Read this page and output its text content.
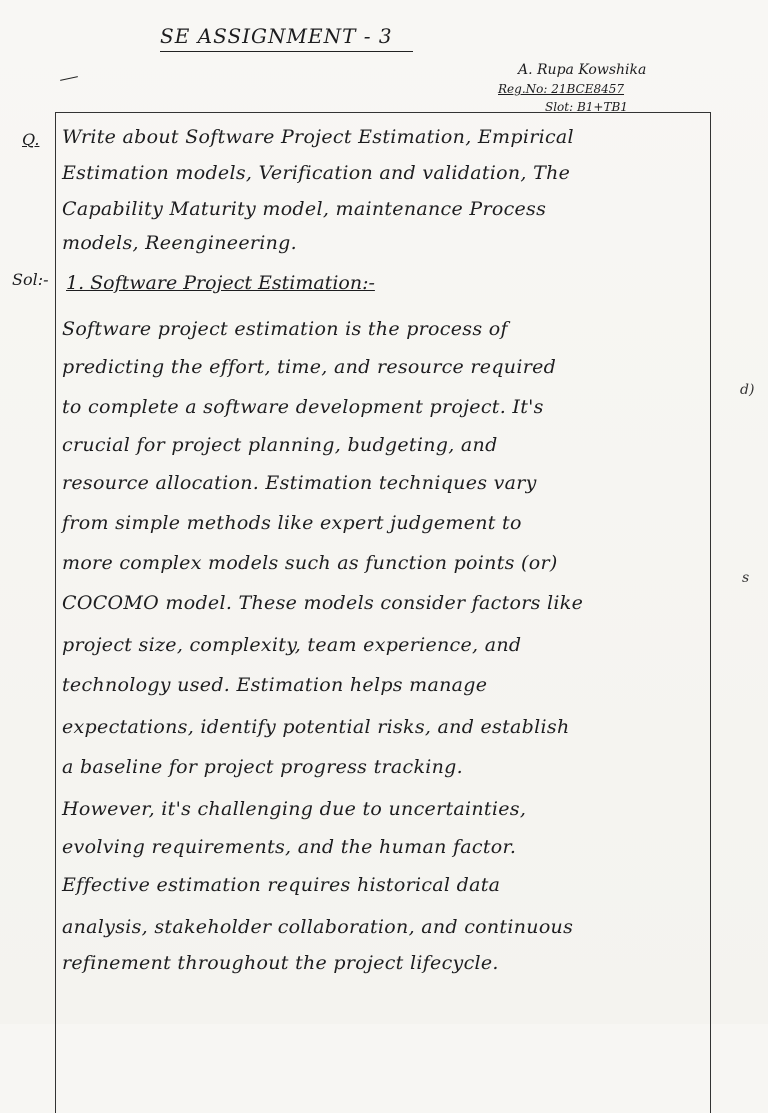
SE ASSIGNMENT - 3
A. Rupa Kowshika
Reg.No: 21BCE8457
Slot: B1+TB1
Q. Write about Software Project Estimation, Empirical
Estimation models, Verification and validation, The
Capability Maturity model, maintenance Process
models, Reengineering.
Sol:- 1. Software Project Estimation:-
Software project estimation is the process of
predicting the effort, time, and resource required
to complete a software development project. It's
crucial for project planning, budgeting, and
resource allocation. Estimation techniques vary
from simple methods like expert judgement to
more complex models such as function points (or)
COCOMO model. These models consider factors like
project size, complexity, team experience, and
technology used. Estimation helps manage
expectations, identify potential risks, and establish
a baseline for project progress tracking.
However, it's challenging due to uncertainties,
evolving requirements, and the human factor.
Effective estimation requires historical data
analysis, stakeholder collaboration, and continuous
refinement throughout the project lifecycle.
d)
s
